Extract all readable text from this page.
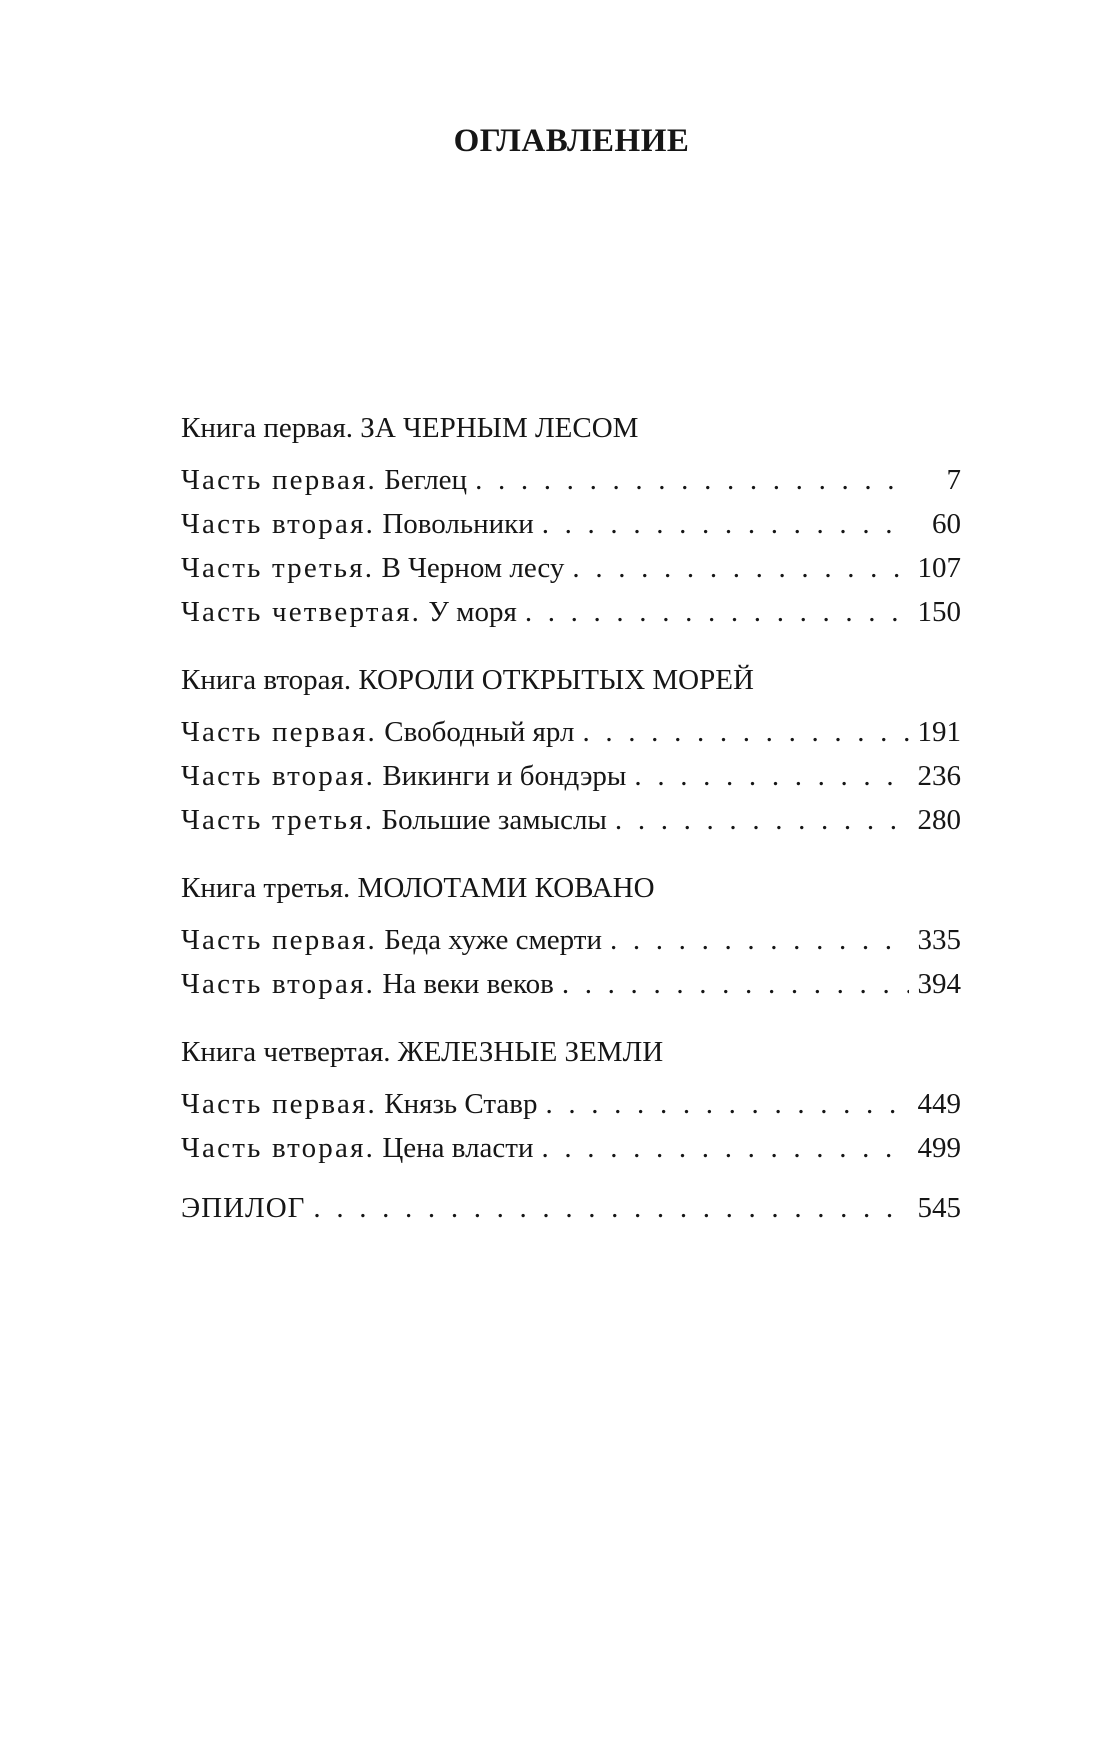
ОГЛАВЛЕНИЕ
Книга первая. ЗА ЧЕРНЫМ ЛЕСОМ
Часть первая. Беглец . . .	7
Часть вторая. Повольники . . .	60
Часть третья. В Черном лесу . . .	107
Часть четвертая. У моря . . .	150
Книга вторая. КОРОЛИ ОТКРЫТЫХ МОРЕЙ
Часть первая. Свободный ярл . . .	191
Часть вторая. Викинги и бондэры . . .	236
Часть третья. Большие замыслы . . .	280
Книга третья. МОЛОТАМИ КОВАНО
Часть первая. Беда хуже смерти . . .	335
Часть вторая. На веки веков . . .	394
Книга четвертая. ЖЕЛЕЗНЫЕ ЗЕМЛИ
Часть первая. Князь Ставр . . .	449
Часть вторая. Цена власти . . .	499
ЭПИЛОГ . . .	545
